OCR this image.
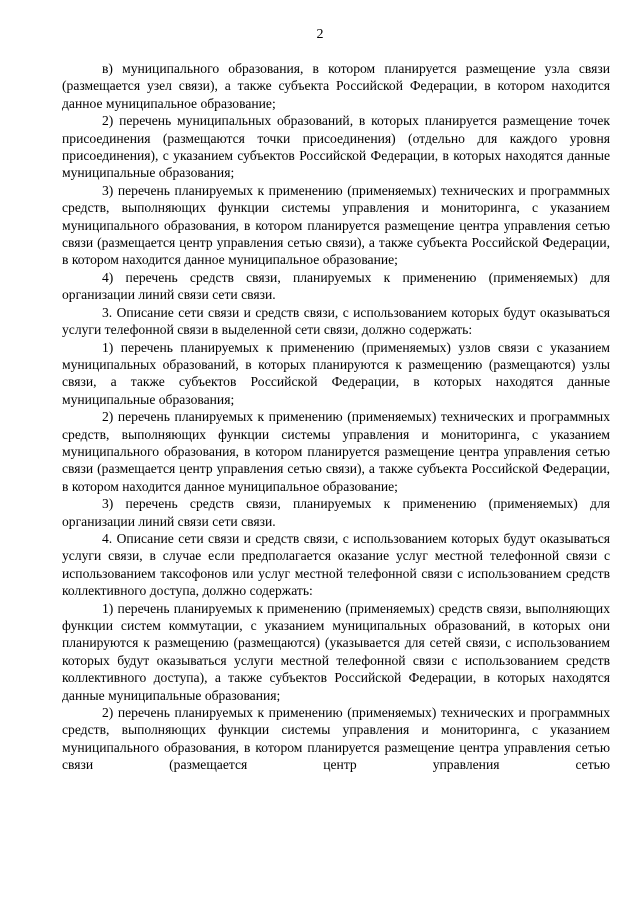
2

в) муниципального образования, в котором планируется размещение узла связи (размещается узел связи), а также субъекта Российской Федерации, в котором находится данное муниципальное образование;

2) перечень муниципальных образований, в которых планируется размещение точек присоединения (размещаются точки присоединения) (отдельно для каждого уровня присоединения), с указанием субъектов Российской Федерации, в которых находятся данные муниципальные образования;

3) перечень планируемых к применению (применяемых) технических и программных средств, выполняющих функции системы управления и мониторинга, с указанием муниципального образования, в котором планируется размещение центра управления сетью связи (размещается центр управления сетью связи), а также субъекта Российской Федерации, в котором находится данное муниципальное образование;

4) перечень средств связи, планируемых к применению (применяемых) для организации линий связи сети связи.

3. Описание сети связи и средств связи, с использованием которых будут оказываться услуги телефонной связи в выделенной сети связи, должно содержать:

1) перечень планируемых к применению (применяемых) узлов связи с указанием муниципальных образований, в которых планируются к размещению (размещаются) узлы связи, а также субъектов Российской Федерации, в которых находятся данные муниципальные образования;

2) перечень планируемых к применению (применяемых) технических и программных средств, выполняющих функции системы управления и мониторинга, с указанием муниципального образования, в котором планируется размещение центра управления сетью связи (размещается центр управления сетью связи), а также субъекта Российской Федерации, в котором находится данное муниципальное образование;

3) перечень средств связи, планируемых к применению (применяемых) для организации линий связи сети связи.

4. Описание сети связи и средств связи, с использованием которых будут оказываться услуги связи, в случае если предполагается оказание услуг местной телефонной связи с использованием таксофонов или услуг местной телефонной связи с использованием средств коллективного доступа, должно содержать:

1) перечень планируемых к применению (применяемых) средств связи, выполняющих функции систем коммутации, с указанием муниципальных образований, в которых они планируются к размещению (размещаются) (указывается для сетей связи, с использованием которых будут оказываться услуги местной телефонной связи с использованием средств коллективного доступа), а также субъектов Российской Федерации, в которых находятся данные муниципальные образования;

2) перечень планируемых к применению (применяемых) технических и программных средств, выполняющих функции системы управления и мониторинга, с указанием муниципального образования, в котором планируется размещение центра управления сетью связи (размещается центр управления сетью
